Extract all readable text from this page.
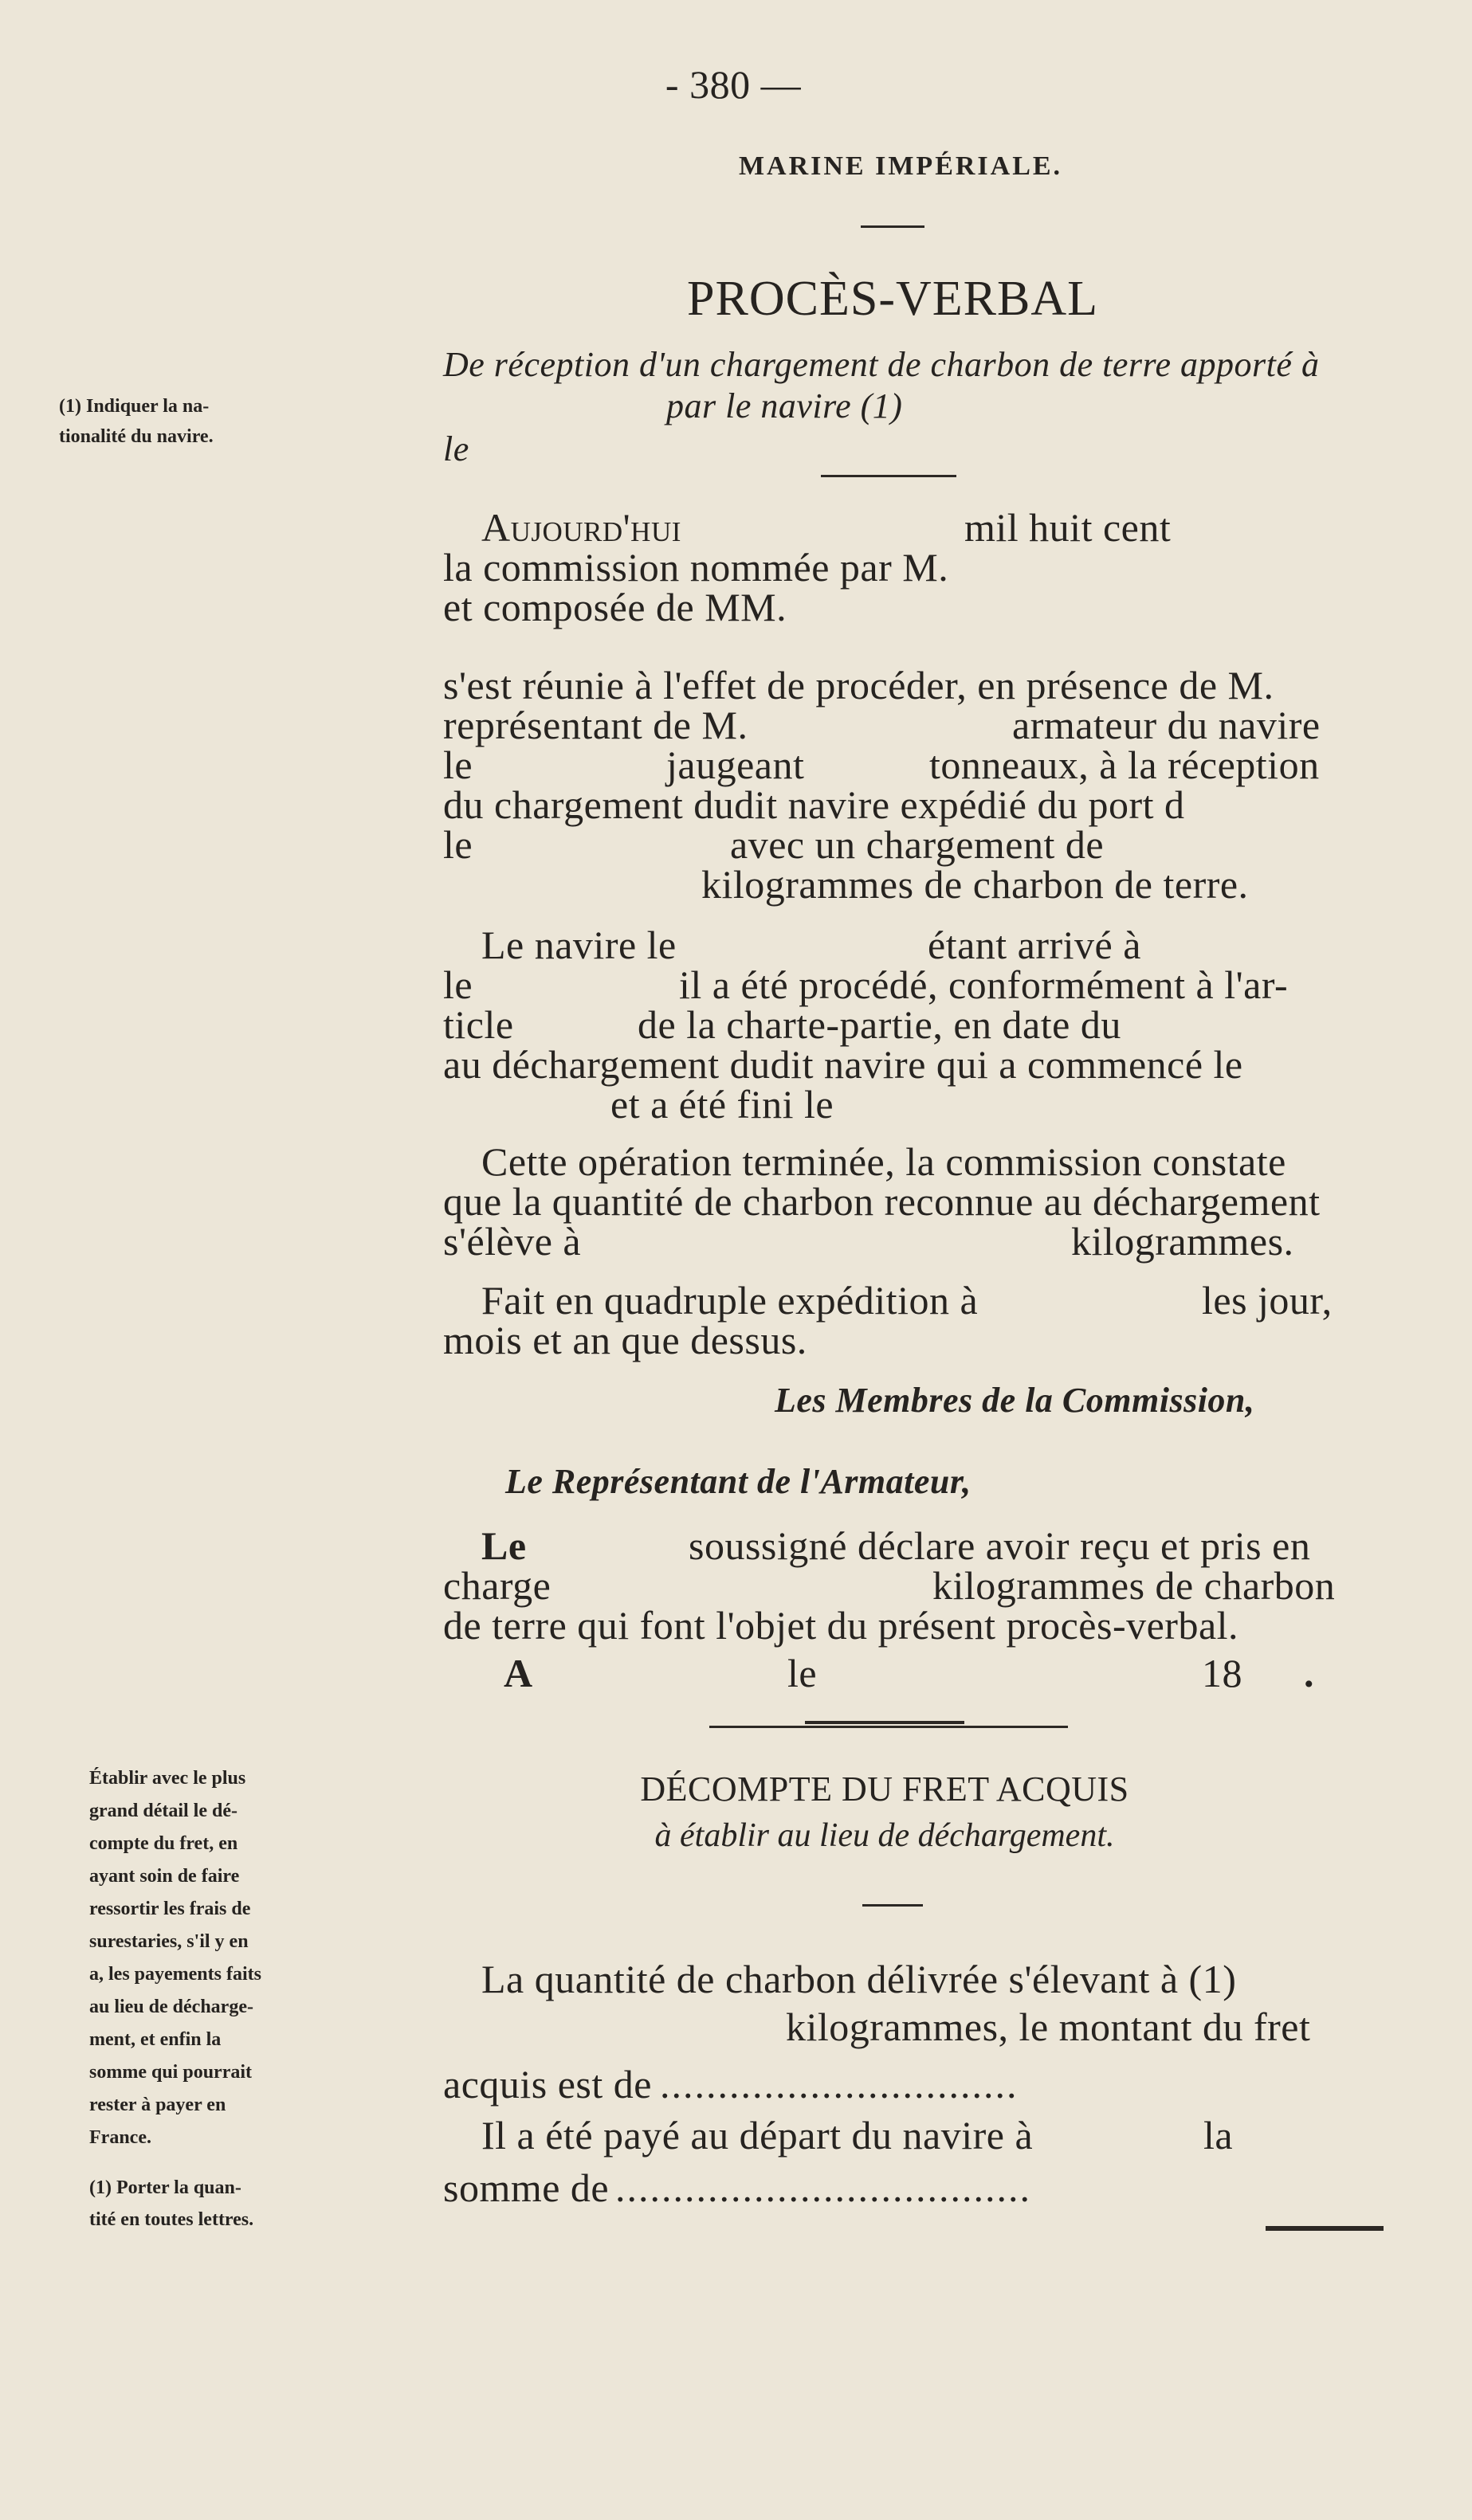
- 380 —
MARINE IMPÉRIALE.
PROCÈS-VERBAL
De réception d'un chargement de charbon de terre apporté à
par le navire (1)
le
(1) Indiquer la na-
tionalité du navire.
Aujourd'hui	mil huit cent
la commission nommée par M.
et composée de MM.
s'est réunie à l'effet de procéder, en présence de M.
représentant de M.	armateur du navire
le	jaugeant	tonneaux, à la réception
du chargement dudit navire expédié du port d
le	avec un chargement de
kilogrammes de charbon de terre.
Le navire le	étant arrivé à
le	il a été procédé, conformément à l'ar-
ticle	de la charte-partie, en date du
au déchargement dudit navire qui a commencé le
et a été fini le
Cette opération terminée, la commission constate
que la quantité de charbon reconnue au déchargement
s'élève à	kilogrammes.
Fait en quadruple expédition à	les jour,
mois et an que dessus.
Les Membres de la Commission,
Le Représentant de l'Armateur,
Le	soussigné déclare avoir reçu et pris en
charge	kilogrammes de charbon
de terre qui font l'objet du présent procès-verbal.
A	le	18 .
Établir avec le plus
grand détail le dé-
compte du fret, en
ayant soin de faire
ressortir les frais de
surestaries, s'il y en
a, les payements faits
au lieu de décharge-
ment, et enfin la
somme qui pourrait
rester à payer en
France.
(1) Porter la quan-
tité en toutes lettres.
DÉCOMPTE DU FRET ACQUIS
à établir au lieu de déchargement.
La quantité de charbon délivrée s'élevant à (1)
kilogrammes, le montant du fret
acquis est de ...............................
Il a été payé au départ du navire à	la
somme de ....................................
